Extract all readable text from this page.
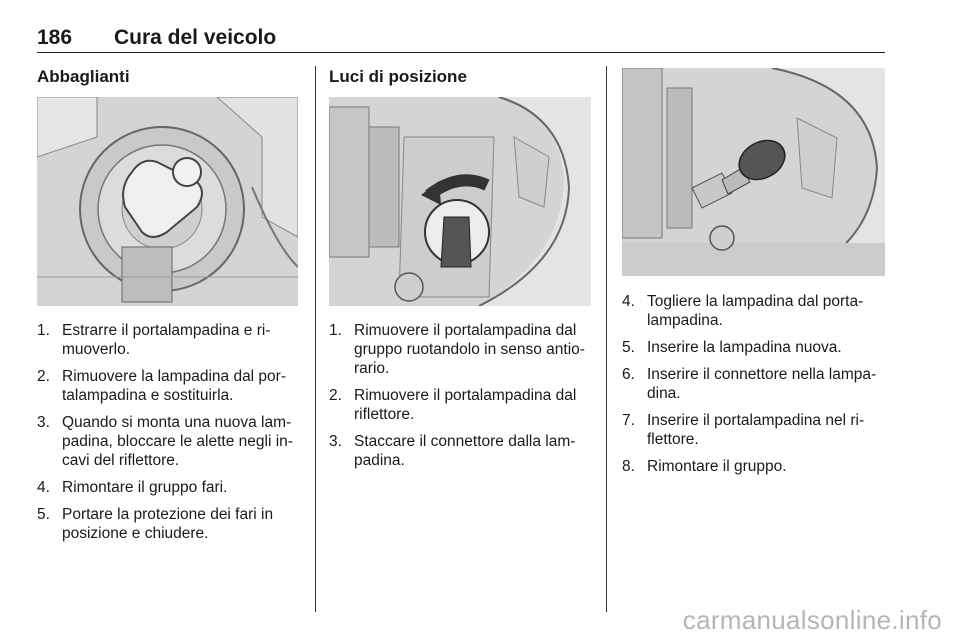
186 Cura del veicolo
Abbaglianti
1. Estrarre il portalampadina e rimuoverlo.
2. Rimuovere la lampadina dal portalampadina e sostituirla.
3. Quando si monta una nuova lampadina, bloccare le alette negli incavi del riflettore.
4. Rimontare il gruppo fari.
5. Portare la protezione dei fari in posizione e chiudere.
Luci di posizione
1. Rimuovere il portalampadina dal gruppo ruotandolo in senso antiorario.
2. Rimuovere il portalampadina dal riflettore.
3. Staccare il connettore dalla lampadina.
4. Togliere la lampadina dal portalampadina.
5. Inserire la lampadina nuova.
6. Inserire il connettore nella lampadina.
7. Inserire il portalampadina nel riflettore.
8. Rimontare il gruppo.
carmanualsonline.info
